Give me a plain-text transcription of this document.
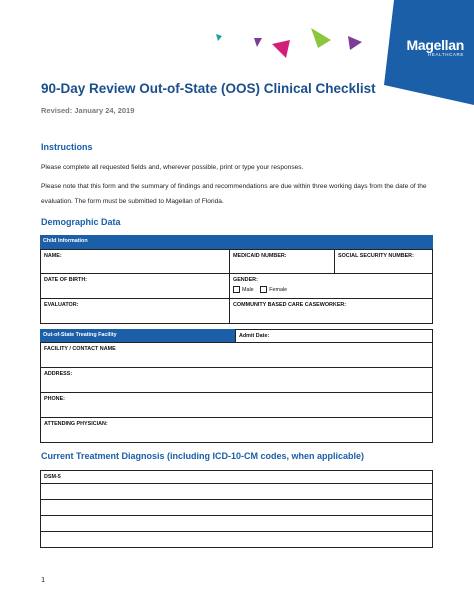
Magellan
HEALTHCARE
90-Day Review Out-of-State (OOS) Clinical Checklist
Revised: January 24, 2019
Instructions
Please complete all requested fields and, wherever possible, print or type your responses.
Please note that this form and the summary of findings and recommendations are due within three working days from the date of the evaluation. The form must be submitted to Magellan of Florida.
Demographic Data
Child Information
NAME:	MEDICAID NUMBER:	SOCIAL SECURITY NUMBER:
DATE OF BIRTH:	GENDER:
Male	Female
EVALUATOR:	COMMUNITY BASED CARE CASEWORKER:
Out-of-State Treating Facility	Admit Date:
FACILITY / CONTACT NAME
ADDRESS:
PHONE:
ATTENDING PHYSICIAN:
Current Treatment Diagnosis (including ICD-10-CM codes, when applicable)
DSM-5
1
